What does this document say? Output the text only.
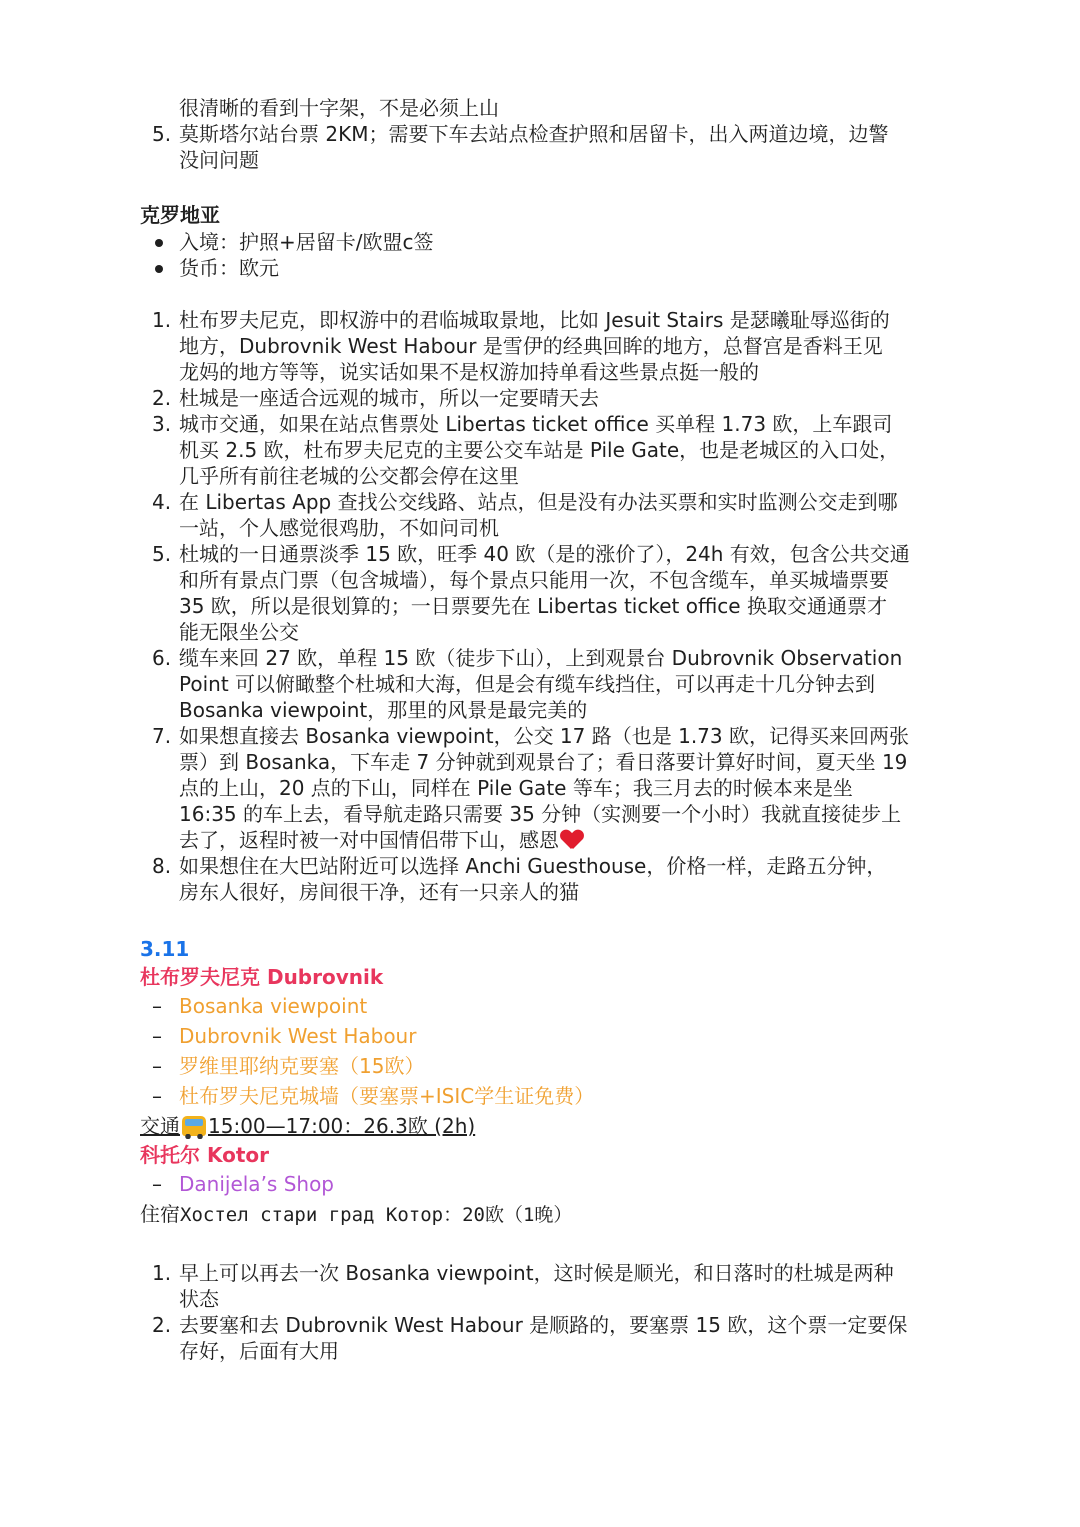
很清晰的看到十字架，不是必须上山
5. 莫斯塔尔站台票 2KM；需要下车去站点检查护照和居留卡，出入两道边境，边警
没问问题
克罗地亚
入境：护照+居留卡/欧盟c签
货币：欧元
1. 杜布罗夫尼克，即权游中的君临城取景地，比如 Jesuit Stairs 是瑟曦耻辱巡街的
地方，Dubrovnik West Habour 是雪伊的经典回眸的地方，总督宫是香料王见
龙妈的地方等等，说实话如果不是权游加持单看这些景点挺一般的
2. 杜城是一座适合远观的城市，所以一定要晴天去
3. 城市交通，如果在站点售票处 Libertas ticket office 买单程 1.73 欧，上车跟司
机买 2.5 欧，杜布罗夫尼克的主要公交车站是 Pile Gate，也是老城区的入口处，
几乎所有前往老城的公交都会停在这里
4. 在 Libertas App 查找公交线路、站点，但是没有办法买票和实时监测公交走到哪
一站，个人感觉很鸡肋，不如问司机
5. 杜城的一日通票淡季 15 欧，旺季 40 欧（是的涨价了），24h 有效，包含公共交通
和所有景点门票（包含城墙），每个景点只能用一次，不包含缆车，单买城墙票要
35 欧，所以是很划算的；一日票要先在 Libertas ticket office 换取交通通票才
能无限坐公交
6. 缆车来回 27 欧，单程 15 欧（徒步下山），上到观景台 Dubrovnik Observation
Point 可以俯瞰整个杜城和大海，但是会有缆车线挡住，可以再走十几分钟去到
Bosanka viewpoint，那里的风景是最完美的
7. 如果想直接去 Bosanka viewpoint，公交 17 路（也是 1.73 欧，记得买来回两张
票）到 Bosanka，下车走 7 分钟就到观景台了；看日落要计算好时间，夏天坐 19
点的上山，20 点的下山，同样在 Pile Gate 等车；我三月去的时候本来是坐
16:35 的车上去，看导航走路只需要 35 分钟（实测要一个小时）我就直接徒步上
去了，返程时被一对中国情侣带下山，感恩
8. 如果想住在大巴站附近可以选择 Anchi Guesthouse，价格一样，走路五分钟，
房东人很好，房间很干净，还有一只亲人的猫
3.11
杜布罗夫尼克 Dubrovnik
– Bosanka viewpoint
– Dubrovnik West Habour
– 罗维里耶纳克要塞（15欧）
– 杜布罗夫尼克城墙（要塞票+ISIC学生证免费）
交通 15:00—17:00：26.3欧 (2h)
科托尔 Kotor
– Danijela’s Shop
住宿Хостел стари град Котор：20欧（1晚）
1. 早上可以再去一次 Bosanka viewpoint，这时候是顺光，和日落时的杜城是两种
状态
2. 去要塞和去 Dubrovnik West Habour 是顺路的，要塞票 15 欧，这个票一定要保
存好，后面有大用
